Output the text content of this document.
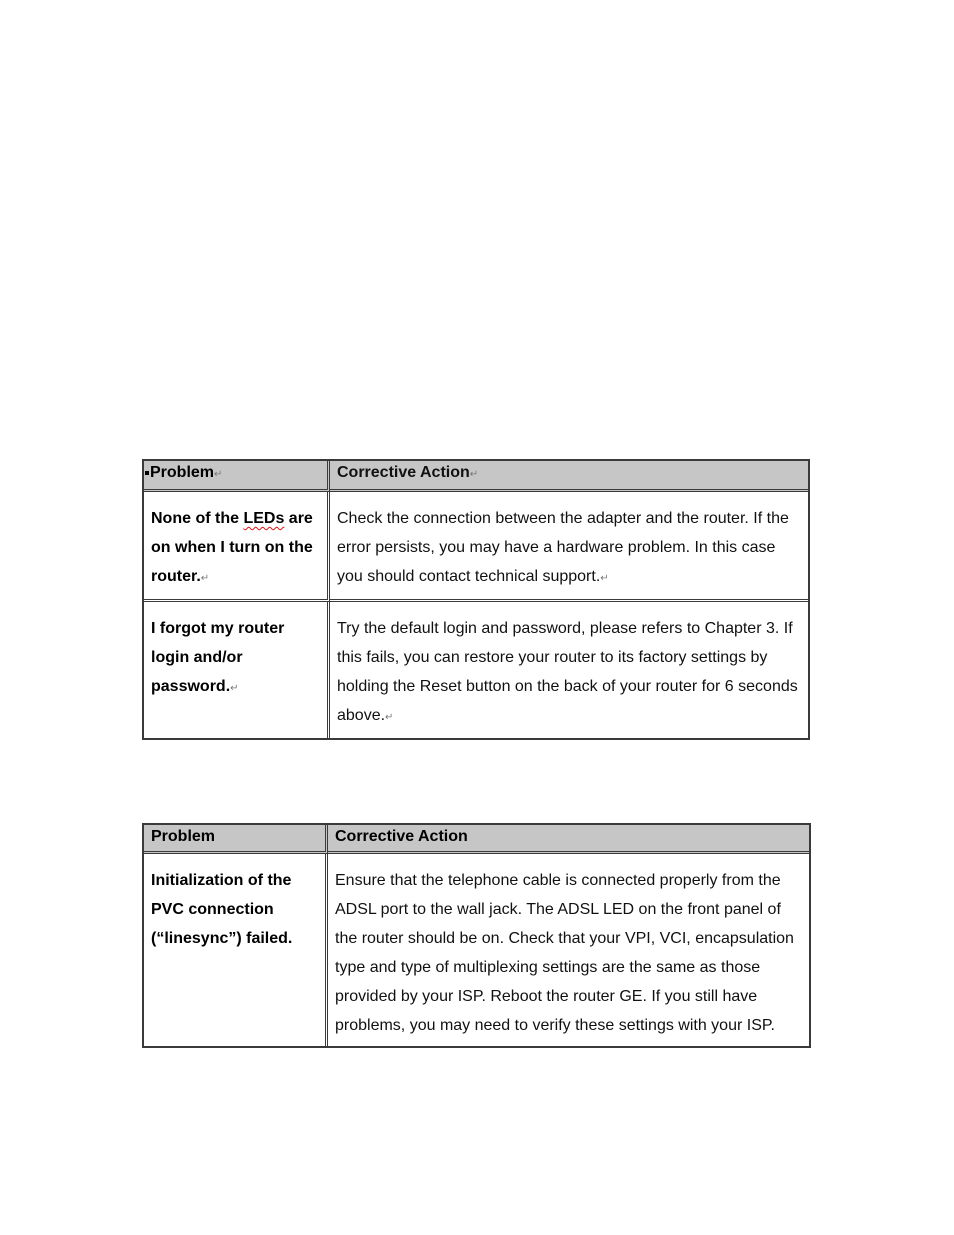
Problem↵	Corrective Action↵
None of the LEDs are on when I turn on the router.↵	Check the connection between the adapter and the router. If the error persists, you may have a hardware problem. In this case you should contact technical support.↵
I forgot my router login and/or password.↵	Try the default login and password, please refers to Chapter 3. If this fails, you can restore your router to its factory settings by holding the Reset button on the back of your router for 6 seconds above.↵
Problem	Corrective Action
Initialization of the PVC connection (“linesync”) failed.	Ensure that the telephone cable is connected properly from the ADSL port to the wall jack. The ADSL LED on the front panel of the router should be on. Check that your VPI, VCI, encapsulation type and type of multiplexing settings are the same as those provided by your ISP. Reboot the router GE. If you still have problems, you may need to verify these settings with your ISP.
